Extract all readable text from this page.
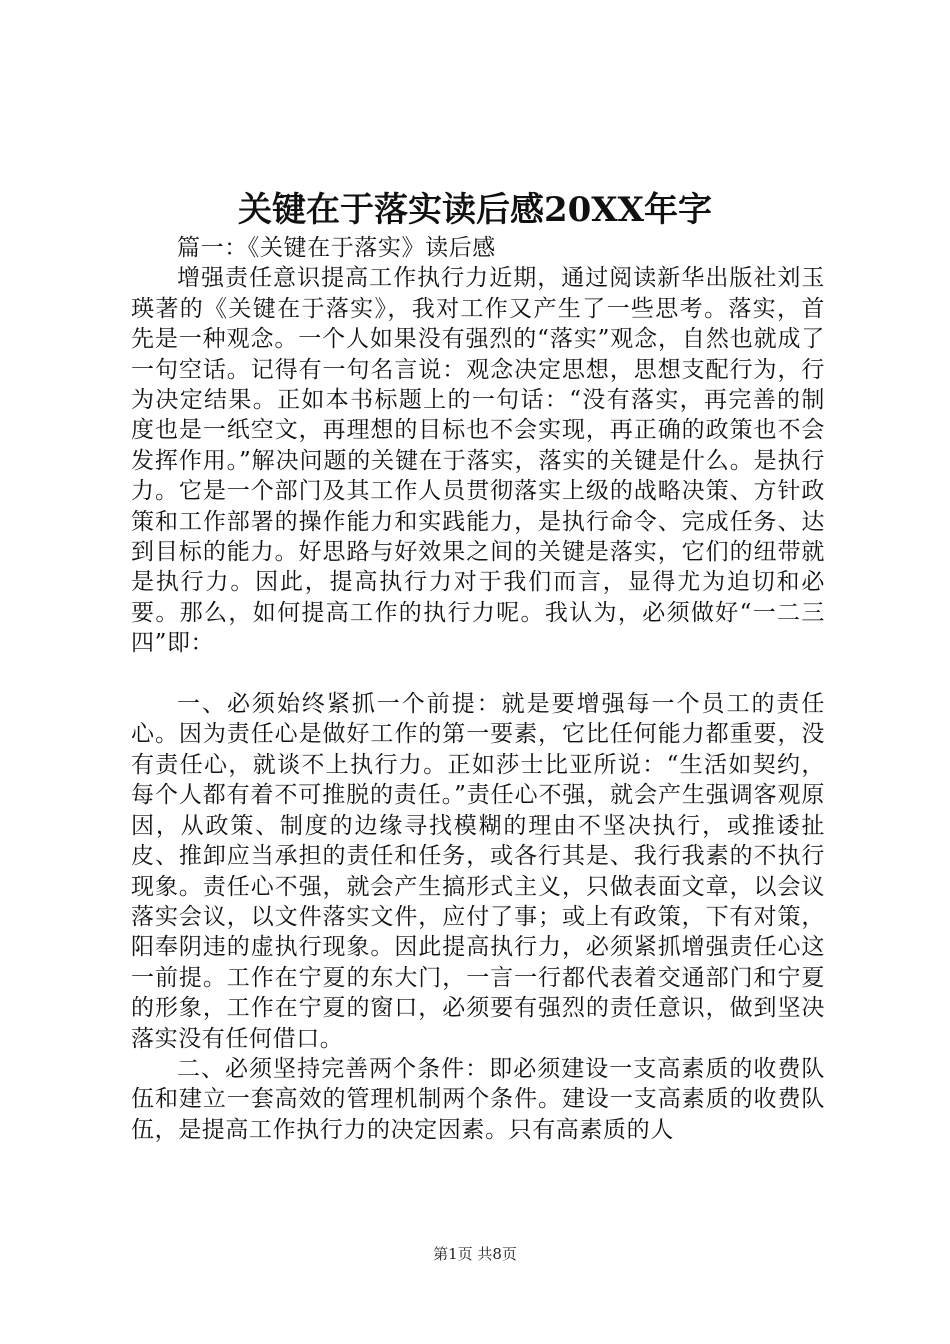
关键在于落实读后感20XX年字

篇一：《关键在于落实》读后感

增强责任意识提高工作执行力近期，通过阅读新华出版社刘玉瑛著的《关键在于落实》，我对工作又产生了一些思考。落实，首先是一种观念。一个人如果没有强烈的“落实”观念，自然也就成了一句空话。记得有一句名言说：观念决定思想，思想支配行为，行为决定结果。正如本书标题上的一句话：“没有落实，再完善的制度也是一纸空文，再理想的目标也不会实现，再正确的政策也不会发挥作用。”解决问题的关键在于落实，落实的关键是什么。是执行力。它是一个部门及其工作人员贯彻落实上级的战略决策、方针政策和工作部署的操作能力和实践能力，是执行命令、完成任务、达到目标的能力。好思路与好效果之间的关键是落实，它们的纽带就是执行力。因此，提高执行力对于我们而言，显得尤为迫切和必要。那么，如何提高工作的执行力呢。我认为，必须做好“一二三四”即：

一、必须始终紧抓一个前提：就是要增强每一个员工的责任心。因为责任心是做好工作的第一要素，它比任何能力都重要，没有责任心，就谈不上执行力。正如莎士比亚所说：“生活如契约，每个人都有着不可推脱的责任。”责任心不强，就会产生强调客观原因，从政策、制度的边缘寻找模糊的理由不坚决执行，或推诿扯皮、推卸应当承担的责任和任务，或各行其是、我行我素的不执行现象。责任心不强，就会产生搞形式主义，只做表面文章，以会议落实会议，以文件落实文件，应付了事；或上有政策，下有对策，阳奉阴违的虚执行现象。因此提高执行力，必须紧抓增强责任心这一前提。工作在宁夏的东大门，一言一行都代表着交通部门和宁夏的形象，工作在宁夏的窗口，必须要有强烈的责任意识，做到坚决落实没有任何借口。

二、必须坚持完善两个条件：即必须建设一支高素质的收费队伍和建立一套高效的管理机制两个条件。建设一支高素质的收费队伍，是提高工作执行力的决定因素。只有高素质的人

第1页 共8页
